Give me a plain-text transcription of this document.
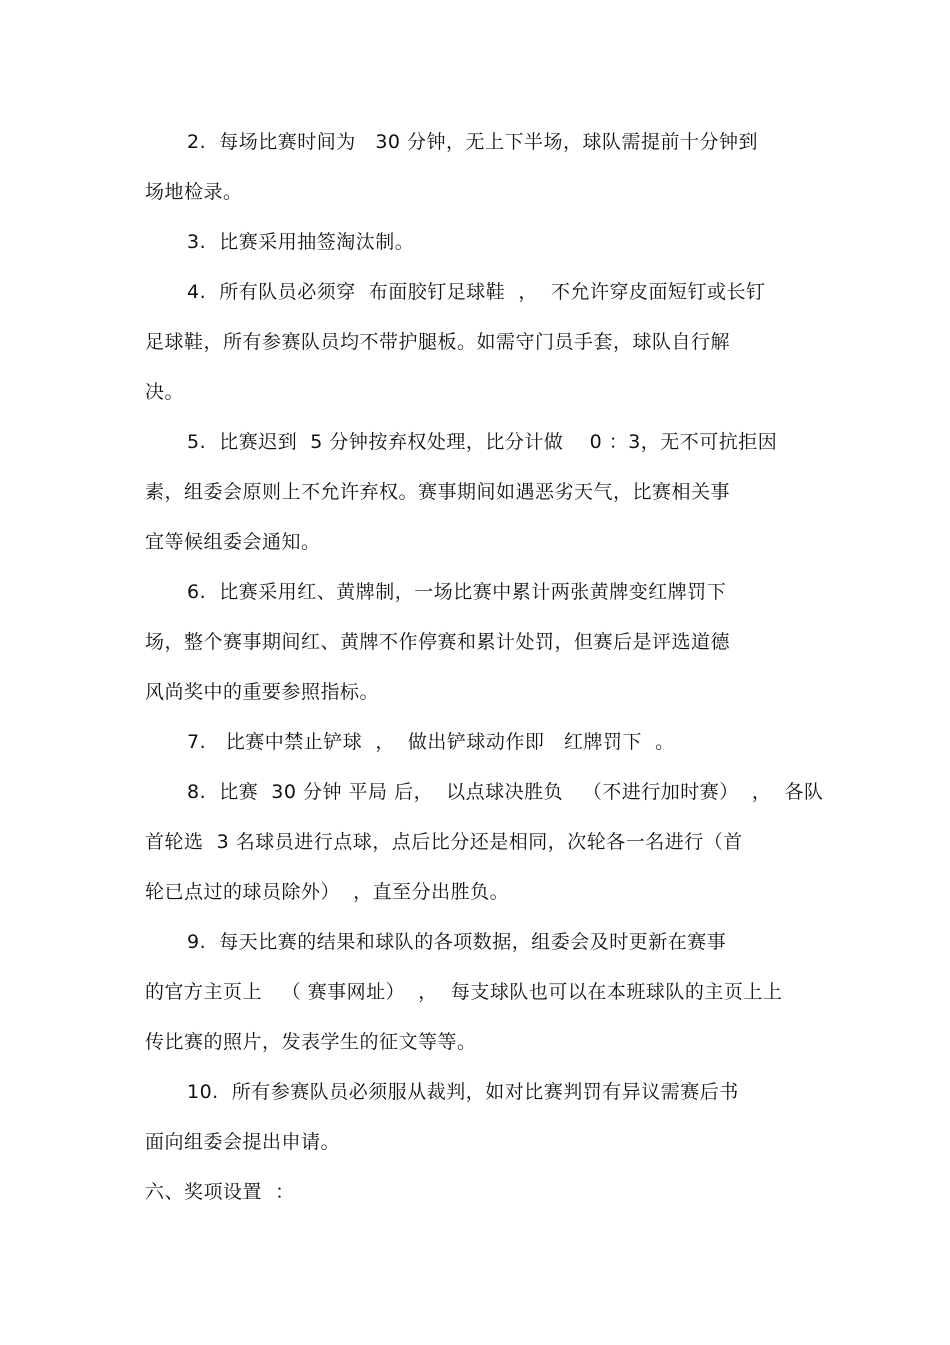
2.  每场比赛时间为   30 分钟，无上下半场，球队需提前十分钟到
场地检录。
3.  比赛采用抽签淘汰制。
4.  所有队员必须穿  布面胶钉足球鞋  ，  不允许穿皮面短钉或长钉
足球鞋，所有参赛队员均不带护腿板。如需守门员手套，球队自行解
决。
5.  比赛迟到  5 分钟按弃权处理，比分计做    0 ：3，无不可抗拒因
素，组委会原则上不允许弃权。赛事期间如遇恶劣天气，比赛相关事
宜等候组委会通知。
6.  比赛采用红、黄牌制，一场比赛中累计两张黄牌变红牌罚下
场，整个赛事期间红、黄牌不作停赛和累计处罚，但赛后是评选道德
风尚奖中的重要参照指标。
7.   比赛中禁止铲球  ，  做出铲球动作即   红牌罚下  。
8.  比赛  30 分钟 平局 后，  以点球决胜负   （不进行加时赛）  ，  各队
首轮选  3 名球员进行点球，点后比分还是相同，次轮各一名进行（首
轮已点过的球员除外）  ，直至分出胜负。
9.  每天比赛的结果和球队的各项数据，组委会及时更新在赛事
的官方主页上   （ 赛事网址）  ，  每支球队也可以在本班球队的主页上上
传比赛的照片，发表学生的征文等等。
10.  所有参赛队员必须服从裁判，如对比赛判罚有异议需赛后书
面向组委会提出申请。
六、奖项设置  ：
